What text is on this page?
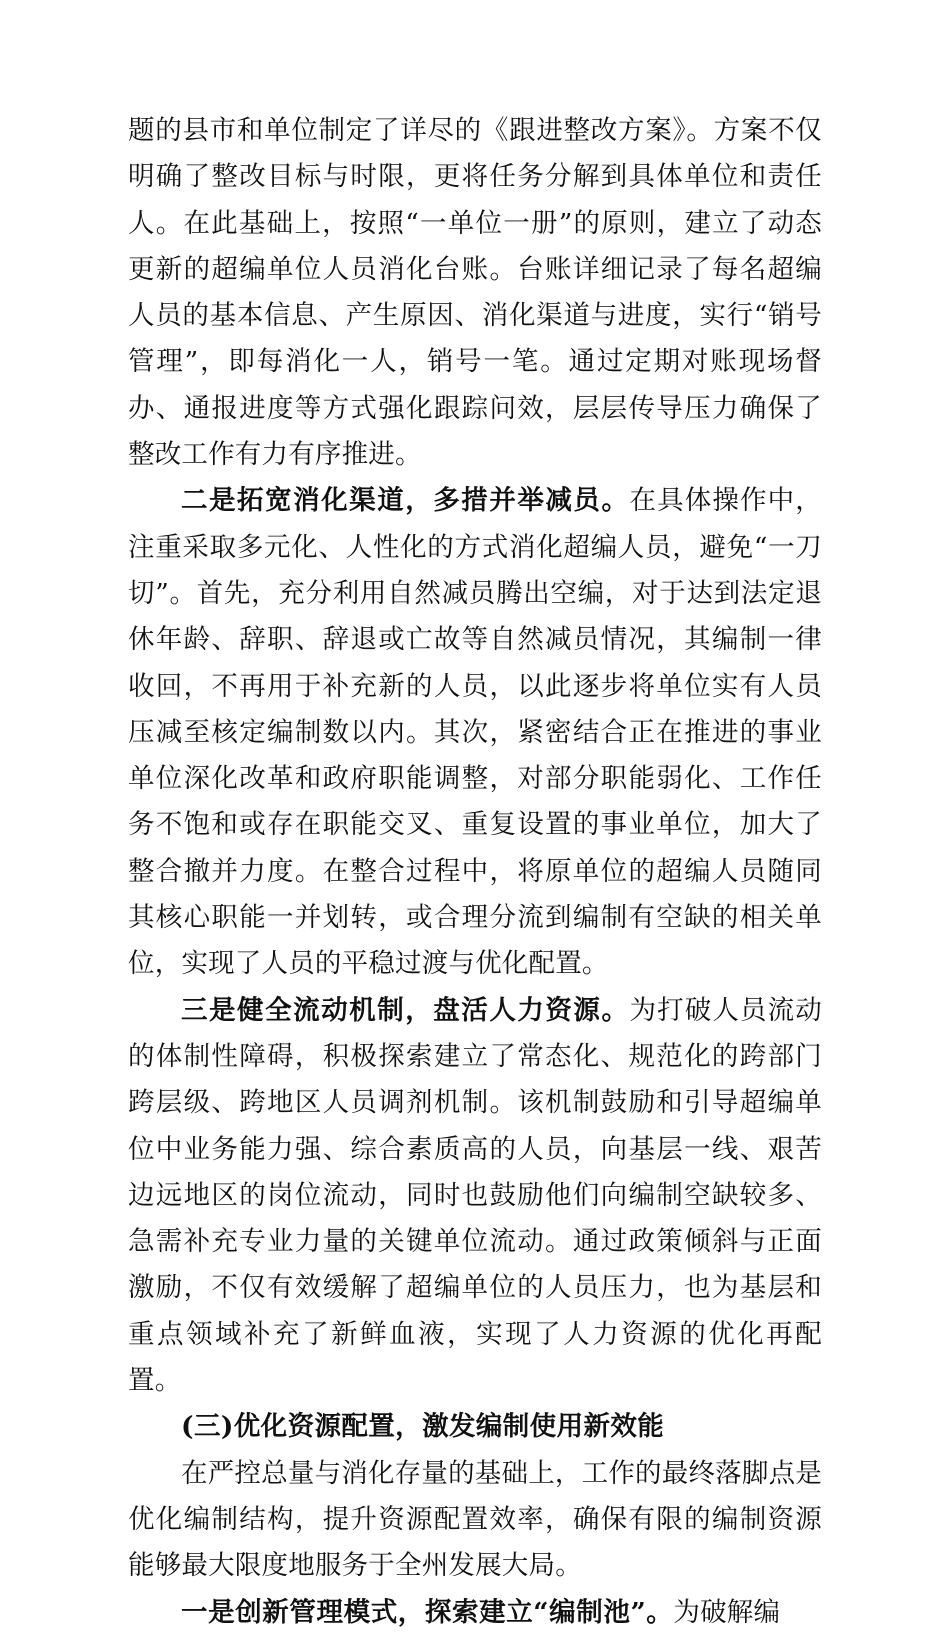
题的县市和单位制定了详尽的《跟进整改方案》。方案不仅明确了整改目标与时限，更将任务分解到具体单位和责任人。在此基础上，按照“一单位一册”的原则，建立了动态更新的超编单位人员消化台账。台账详细记录了每名超编人员的基本信息、产生原因、消化渠道与进度，实行“销号管理”，即每消化一人，销号一笔。通过定期对账现场督办、通报进度等方式强化跟踪问效，层层传导压力确保了整改工作有力有序推进。

二是拓宽消化渠道，多措并举减员。在具体操作中，注重采取多元化、人性化的方式消化超编人员，避免“一刀切”。首先，充分利用自然减员腾出空编，对于达到法定退休年龄、辞职、辞退或亡故等自然减员情况，其编制一律收回，不再用于补充新的人员，以此逐步将单位实有人员压减至核定编制数以内。其次，紧密结合正在推进的事业单位深化改革和政府职能调整，对部分职能弱化、工作任务不饱和或存在职能交叉、重复设置的事业单位，加大了整合撤并力度。在整合过程中，将原单位的超编人员随同其核心职能一并划转，或合理分流到编制有空缺的相关单位，实现了人员的平稳过渡与优化配置。

三是健全流动机制，盘活人力资源。为打破人员流动的体制性障碍，积极探索建立了常态化、规范化的跨部门跨层级、跨地区人员调剂机制。该机制鼓励和引导超编单位中业务能力强、综合素质高的人员，向基层一线、艰苦边远地区的岗位流动，同时也鼓励他们向编制空缺较多、急需补充专业力量的关键单位流动。通过政策倾斜与正面激励，不仅有效缓解了超编单位的人员压力，也为基层和重点领域补充了新鲜血液，实现了人力资源的优化再配置。

(三)优化资源配置，激发编制使用新效能

在严控总量与消化存量的基础上，工作的最终落脚点是优化编制结构，提升资源配置效率，确保有限的编制资源能够最大限度地服务于全州发展大局。

一是创新管理模式，探索建立“编制池”。为破解编
